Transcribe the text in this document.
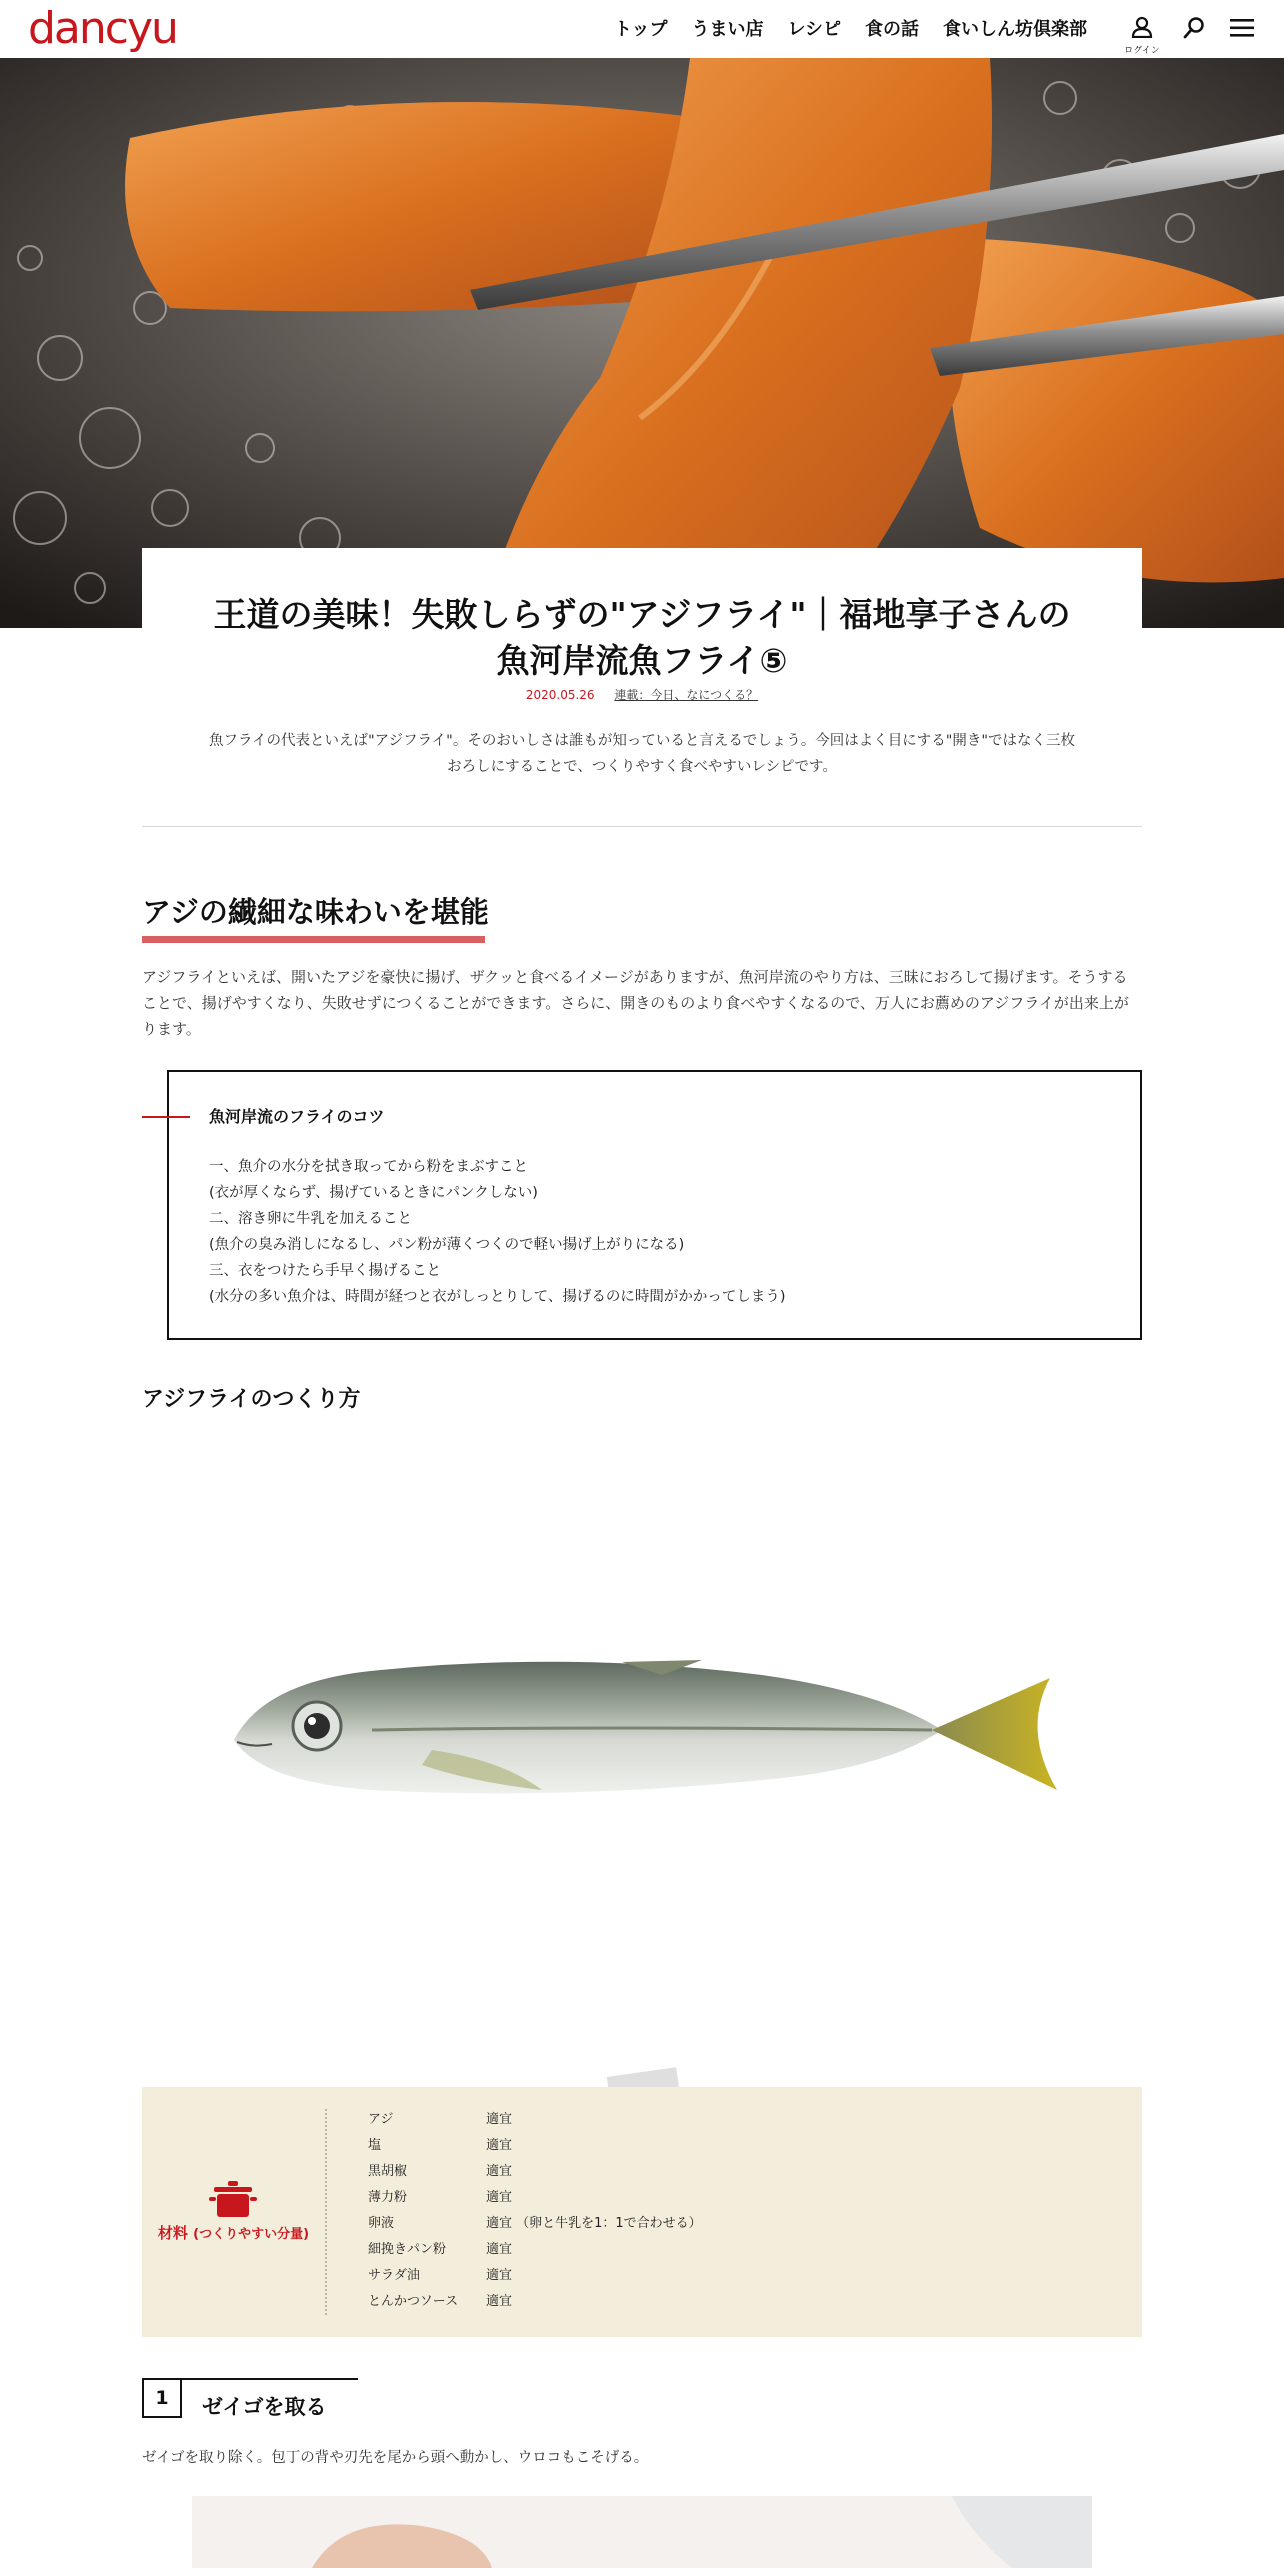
dancyu	トップ うまい店 レシピ 食の話 食いしん坊倶楽部
ログイン
王道の美味！失敗しらずの"アジフライ"｜福地享子さんの
魚河岸流魚フライ⑤
2020.05.26 連載：今日、なにつくる？

魚フライの代表といえば"アジフライ"。そのおいしさは誰もが知っていると言えるでしょう。今回はよく目にする"開き"ではなく三枚
おろしにすることで、つくりやすく食べやすいレシピです。

アジの繊細な味わいを堪能

アジフライといえば、開いたアジを豪快に揚げ、ザクッと食べるイメージがありますが、魚河岸流のやり方は、三昧におろして揚げます。そうする
ことで、揚げやすくなり、失敗せずにつくることができます。さらに、開きのものより食べやすくなるので、万人にお薦めのアジフライが出来上が
ります。

魚河岸流のフライのコツ
一、魚介の水分を拭き取ってから粉をまぶすこと
(衣が厚くならず、揚げているときにパンクしない)
二、溶き卵に牛乳を加えること
(魚介の臭み消しになるし、パン粉が薄くつくので軽い揚げ上がりになる)
三、衣をつけたら手早く揚げること
(水分の多い魚介は、時間が経つと衣がしっとりして、揚げるのに時間がかかってしまう)
アジフライのつくり方
材料 (つくりやすい分量)
アジ	適宜
塩	適宜
黒胡椒	適宜
薄力粉	適宜
卵液	適宜 （卵と牛乳を1：1で合わせる）
細挽きパン粉	適宜
サラダ油	適宜
とんかつソース	適宜
1	ゼイゴを取る

ゼイゴを取り除く。包丁の背や刃先を尾から頭へ動かし、ウロコもこそげる。
